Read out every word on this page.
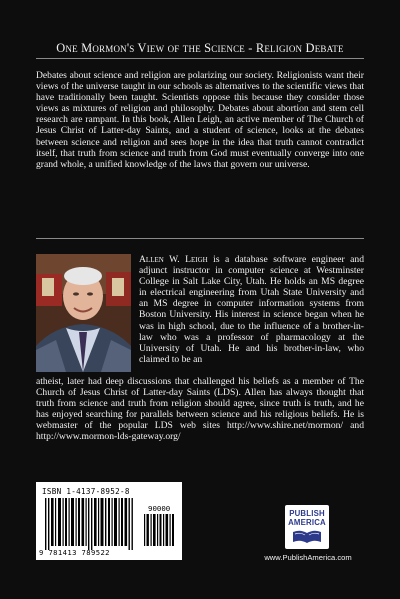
One Mormon's View of the Science - Religion Debate
Debates about science and religion are polarizing our society. Religionists want their views of the universe taught in our schools as alternatives to the scientific views that have traditionally been taught. Scientists oppose this because they consider those views as mixtures of religion and philosophy. Debates about abortion and stem cell research are rampant. In this book, Allen Leigh, an active member of The Church of Jesus Christ of Latter-day Saints, and a student of science, looks at the debates between science and religion and sees hope in the idea that truth cannot contradict itself, that truth from science and truth from God must eventually converge into one grand whole, a unified knowledge of the laws that govern our universe.
Allen W. Leigh is a database software engineer and adjunct instructor in computer science at Westminster College in Salt Lake City, Utah. He holds an MS degree in electrical engineering from Utah State University and an MS degree in computer information systems from Boston University. His interest in science began when he was in high school, due to the influence of a brother-in-law who was a professor of pharmacology at the University of Utah. He and his brother-in-law, who claimed to be an
atheist, later had deep discussions that challenged his beliefs as a member of The Church of Jesus Christ of Latter-day Saints (LDS). Allen has always thought that truth from science and truth from religion should agree, since truth is truth, and he has enjoyed searching for parallels between science and his religious beliefs. He is webmaster of the popular LDS web sites http://www.shire.net/mormon/ and http://www.mormon-lds-gateway.org/
ISBN 1-4137-8952-8
90000
9 781413 789522
PUBLISH
AMERICA
www.PublishAmerica.com
